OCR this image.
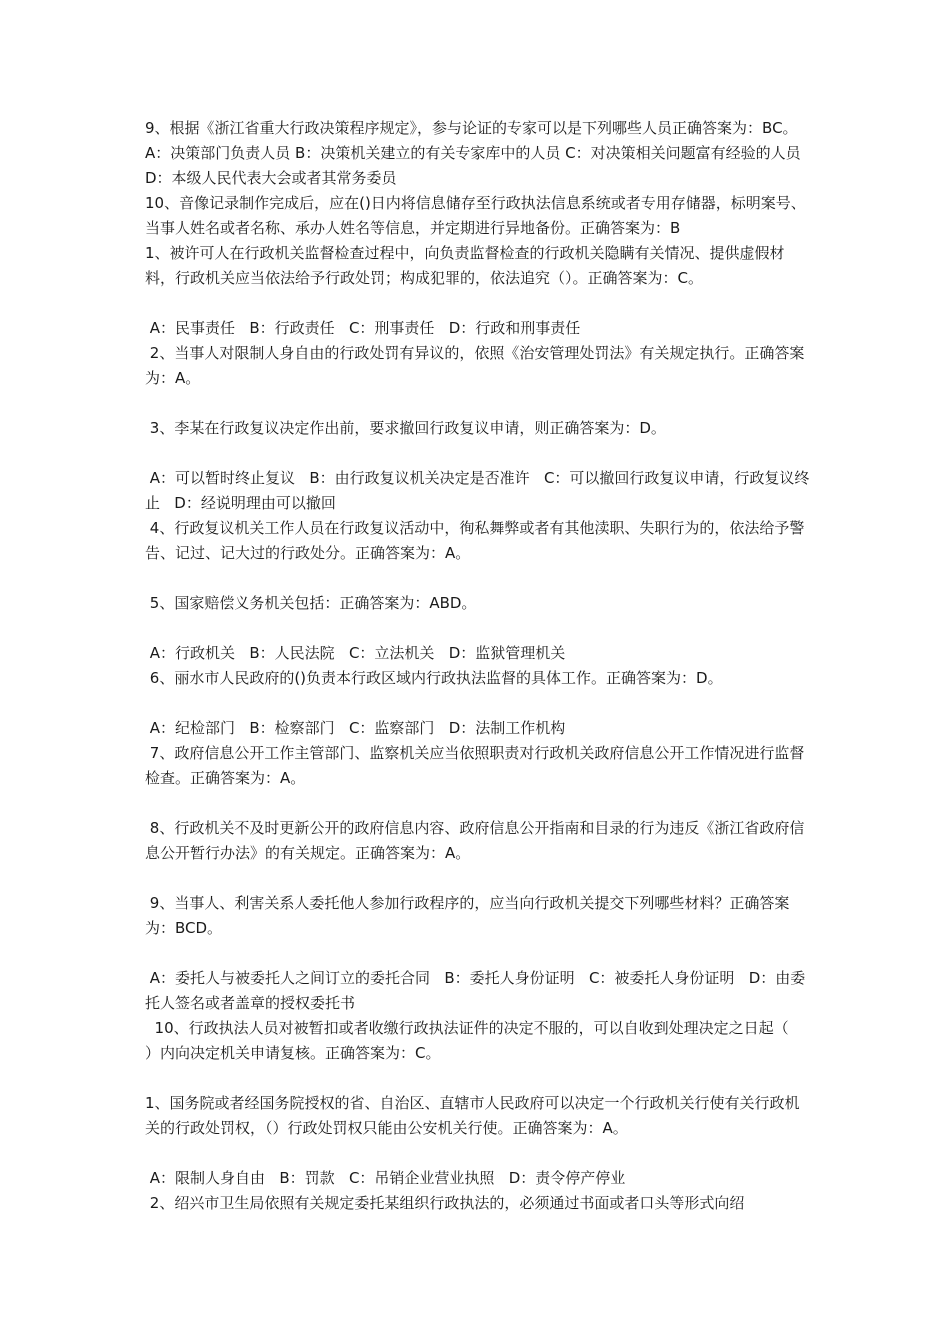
9、根据《浙江省重大行政决策程序规定》，参与论证的专家可以是下列哪些人员正确答案为：BC。A：决策部门负责人员 B：决策机关建立的有关专家库中的人员 C：对决策相关问题富有经验的人员 D：本级人民代表大会或者其常务委员

10、音像记录制作完成后，应在()日内将信息储存至行政执法信息系统或者专用存储器，标明案号、当事人姓名或者名称、承办人姓名等信息，并定期进行异地备份。正确答案为：B

1、被许可人在行政机关监督检查过程中，向负责监督检查的行政机关隐瞒有关情况、提供虚假材料，行政机关应当依法给予行政处罚；构成犯罪的，依法追究（）。正确答案为：C。

A：民事责任   B：行政责任   C：刑事责任   D：行政和刑事责任

2、当事人对限制人身自由的行政处罚有异议的，依照《治安管理处罚法》有关规定执行。正确答案为：A。

3、李某在行政复议决定作出前，要求撤回行政复议申请，则正确答案为：D。

A：可以暂时终止复议   B：由行政复议机关决定是否准许   C：可以撤回行政复议申请，行政复议终止   D：经说明理由可以撤回

4、行政复议机关工作人员在行政复议活动中，徇私舞弊或者有其他渎职、失职行为的，依法给予警告、记过、记大过的行政处分。正确答案为：A。

5、国家赔偿义务机关包括：正确答案为：ABD。

A：行政机关   B：人民法院   C：立法机关   D：监狱管理机关

6、丽水市人民政府的()负责本行政区域内行政执法监督的具体工作。正确答案为：D。

A：纪检部门   B：检察部门   C：监察部门   D：法制工作机构

7、政府信息公开工作主管部门、监察机关应当依照职责对行政机关政府信息公开工作情况进行监督检查。正确答案为：A。

8、行政机关不及时更新公开的政府信息内容、政府信息公开指南和目录的行为违反《浙江省政府信息公开暂行办法》的有关规定。正确答案为：A。

9、当事人、利害关系人委托他人参加行政程序的，应当向行政机关提交下列哪些材料？正确答案为：BCD。

A：委托人与被委托人之间订立的委托合同   B：委托人身份证明   C：被委托人身份证明   D：由委托人签名或者盖章的授权委托书

10、行政执法人员对被暂扣或者收缴行政执法证件的决定不服的，可以自收到处理决定之日起（       ）内向决定机关申请复核。正确答案为：C。

1、国务院或者经国务院授权的省、自治区、直辖市人民政府可以决定一个行政机关行使有关行政机关的行政处罚权，（）行政处罚权只能由公安机关行使。正确答案为：A。

A：限制人身自由   B：罚款   C：吊销企业营业执照   D：责令停产停业

2、绍兴市卫生局依照有关规定委托某组织行政执法的，必须通过书面或者口头等形式向绍
